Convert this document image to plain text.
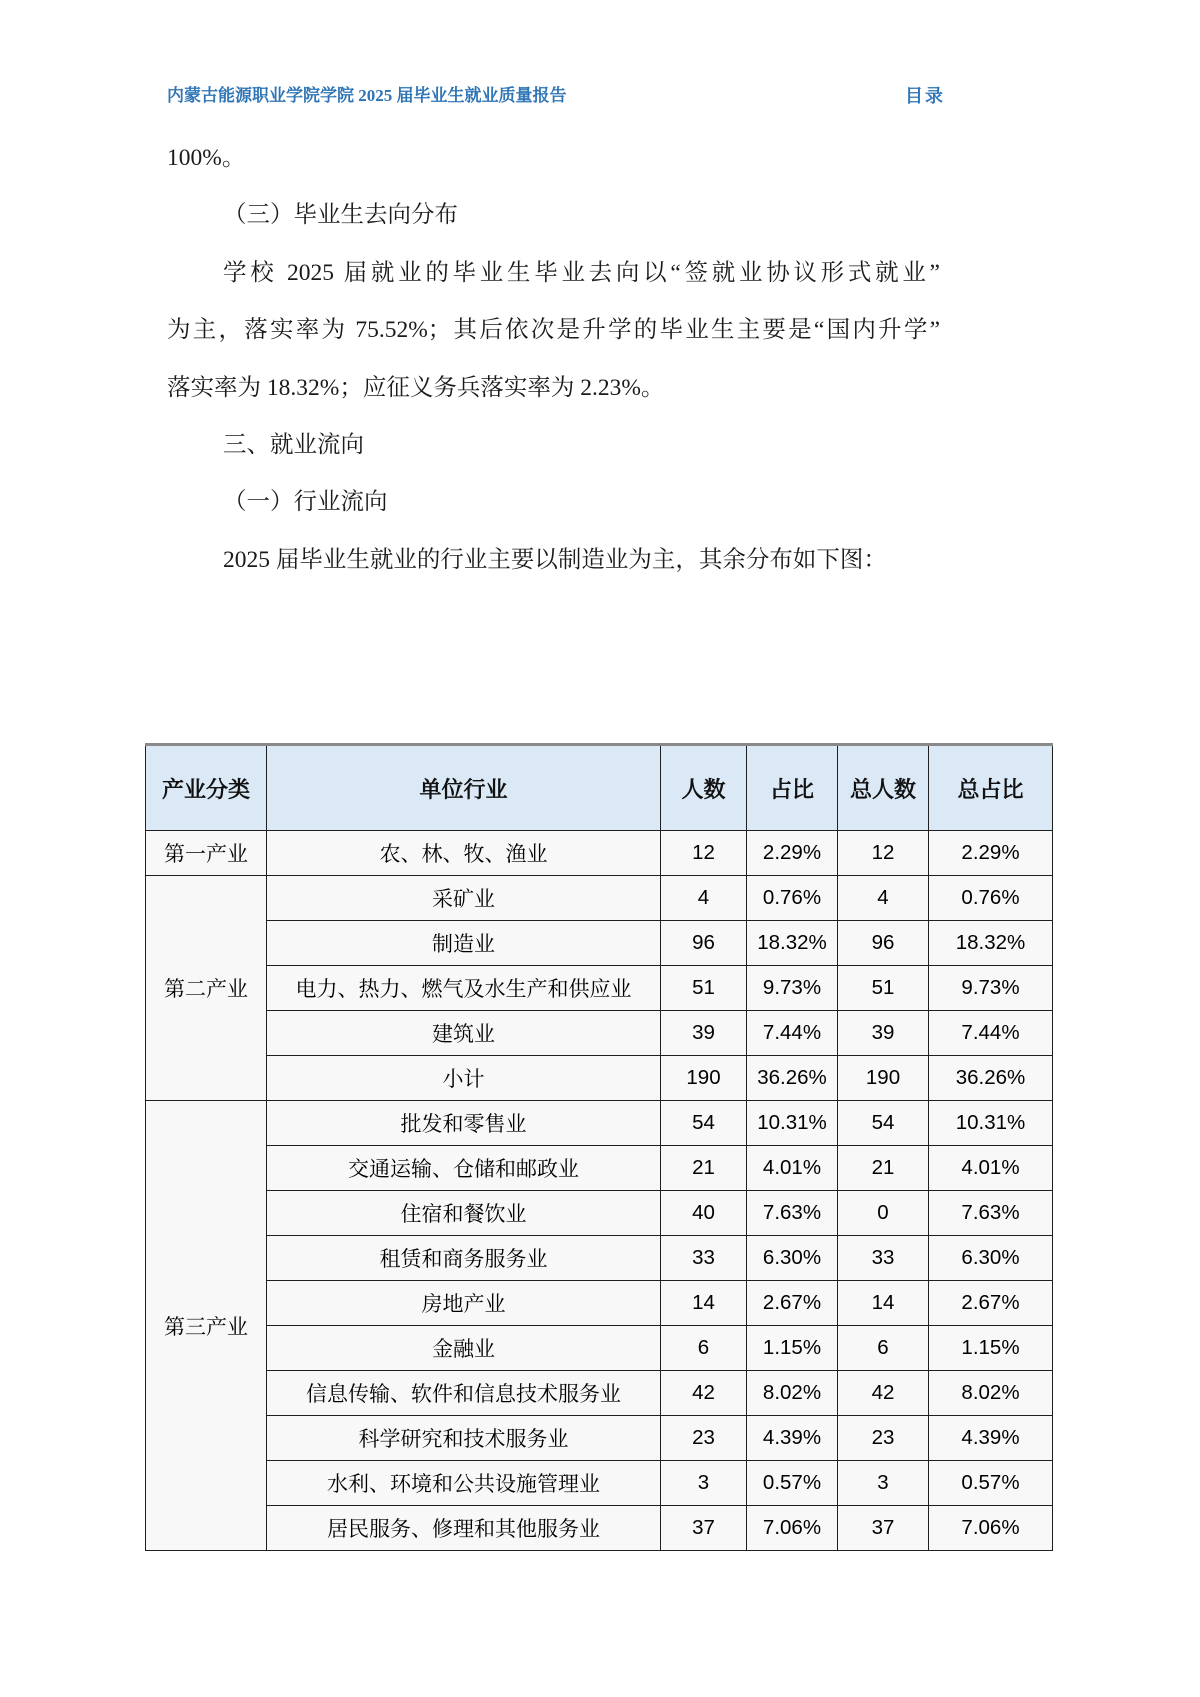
内蒙古能源职业学院学院 2025 届毕业生就业质量报告	目录
100%。
（三）毕业生去向分布
学校 2025 届就业的毕业生毕业去向以“签就业协议形式就业”
为主，落实率为 75.52%；其后依次是升学的毕业生主要是“国内升学”
落实率为 18.32%；应征义务兵落实率为 2.23%。
三、就业流向
（一）行业流向
2025 届毕业生就业的行业主要以制造业为主，其余分布如下图：
产业分类	单位行业	人数	占比	总人数	总占比
第一产业	农、林、牧、渔业	12	2.29%	12	2.29%
第二产业	采矿业	4	0.76%	4	0.76%
	制造业	96	18.32%	96	18.32%
	电力、热力、燃气及水生产和供应业	51	9.73%	51	9.73%
	建筑业	39	7.44%	39	7.44%
	小计	190	36.26%	190	36.26%
第三产业	批发和零售业	54	10.31%	54	10.31%
	交通运输、仓储和邮政业	21	4.01%	21	4.01%
	住宿和餐饮业	40	7.63%	0	7.63%
	租赁和商务服务业	33	6.30%	33	6.30%
	房地产业	14	2.67%	14	2.67%
	金融业	6	1.15%	6	1.15%
	信息传输、软件和信息技术服务业	42	8.02%	42	8.02%
	科学研究和技术服务业	23	4.39%	23	4.39%
	水利、环境和公共设施管理业	3	0.57%	3	0.57%
	居民服务、修理和其他服务业	37	7.06%	37	7.06%
